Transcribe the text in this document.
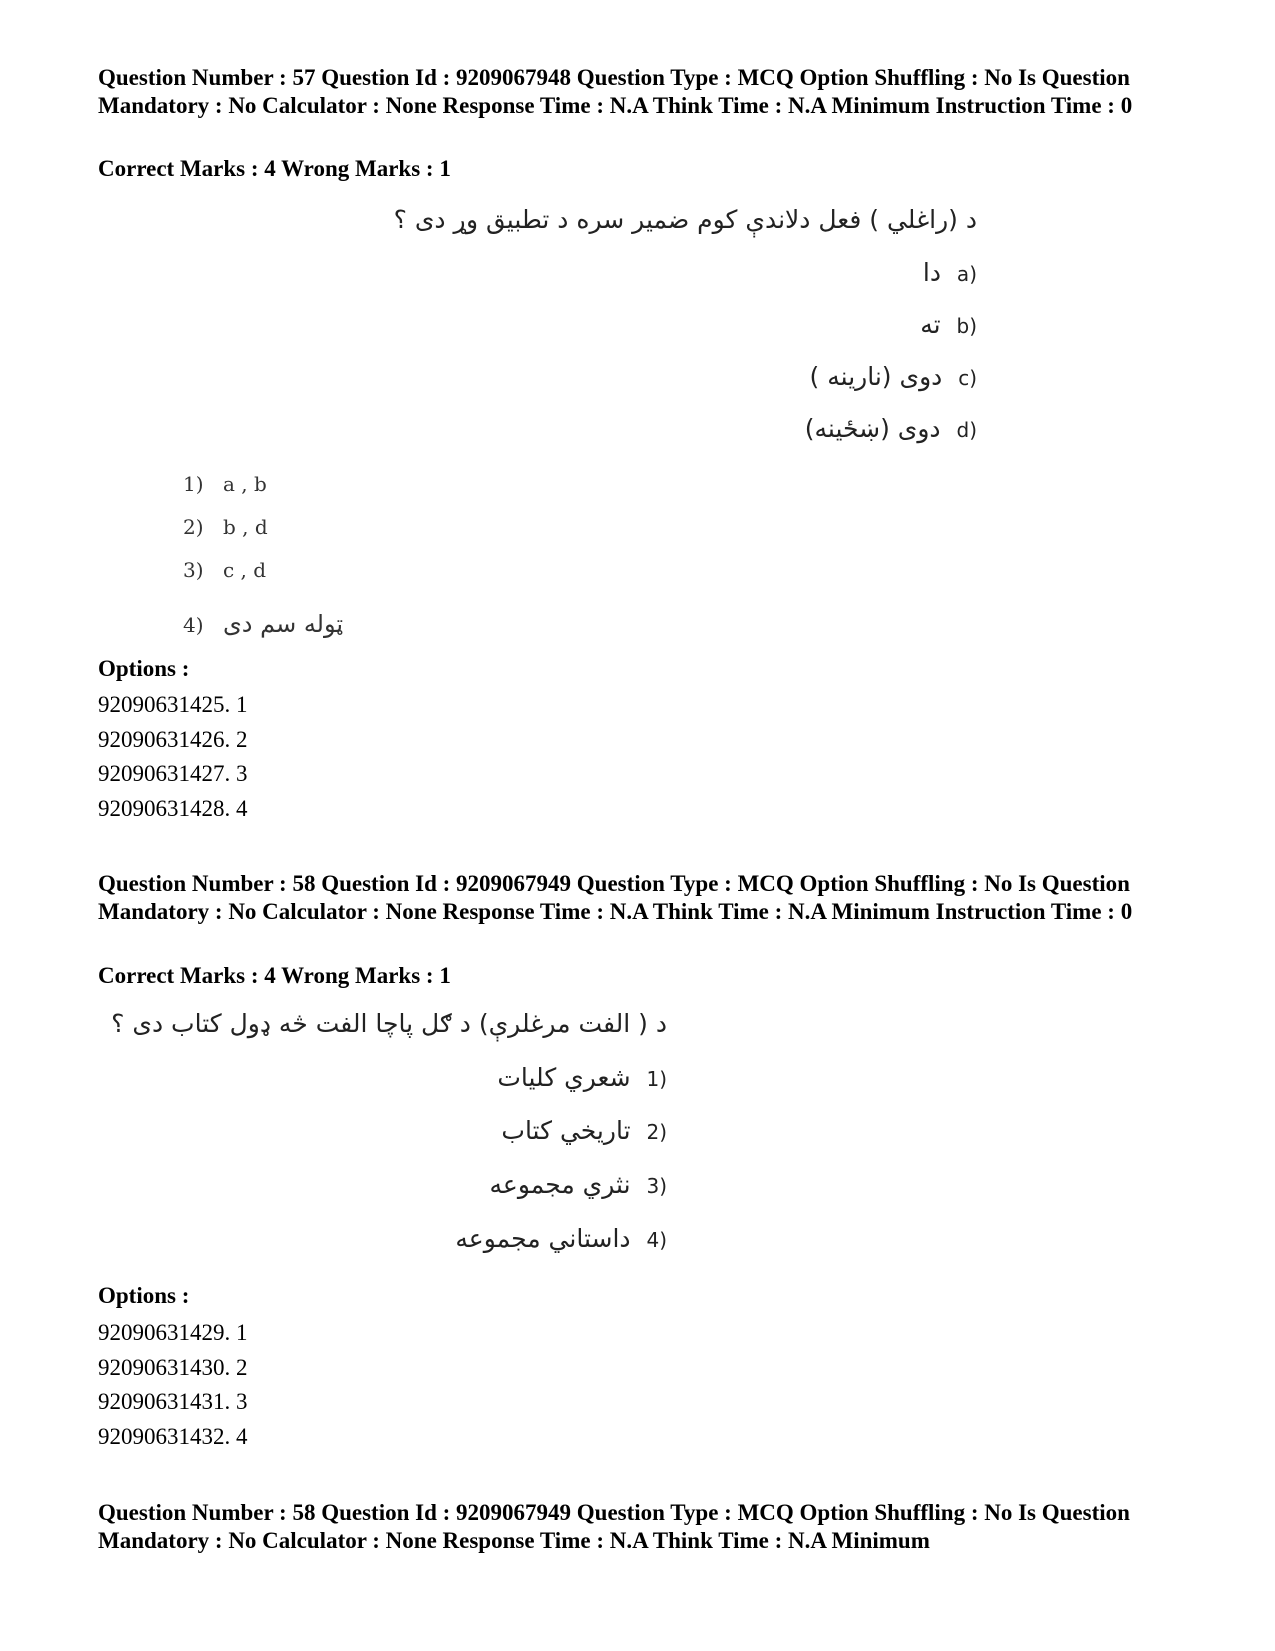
Question Number : 57 Question Id : 9209067948 Question Type : MCQ Option Shuffling : No Is Question Mandatory : No Calculator : None Response Time : N.A Think Time : N.A Minimum Instruction Time : 0
Correct Marks : 4 Wrong Marks : 1
د (راغلي ) فعل دلاندې کوم ضمير سره د تطبيق وړ دی ؟
(a  دا
(b  ته
(c  دوی (نارينه )
(d  دوی (ښځينه)
1) a , b
2) b , d
3) c , d
4) ټوله سم دی
Options :
92090631425. 1
92090631426. 2
92090631427. 3
92090631428. 4
Question Number : 58 Question Id : 9209067949 Question Type : MCQ Option Shuffling : No Is Question Mandatory : No Calculator : None Response Time : N.A Think Time : N.A Minimum Instruction Time : 0
Correct Marks : 4 Wrong Marks : 1
د ( الفت مرغلرې) د ګل پاچا الفت څه ډول کتاب دی ؟
(1  شعري کليات
(2  تاريخي کتاب
(3  نثري مجموعه
(4  داستاني مجموعه
Options :
92090631429. 1
92090631430. 2
92090631431. 3
92090631432. 4
Question Number : 58 Question Id : 9209067949 Question Type : MCQ Option Shuffling : No Is Question Mandatory : No Calculator : None Response Time : N.A Think Time : N.A Minimum
